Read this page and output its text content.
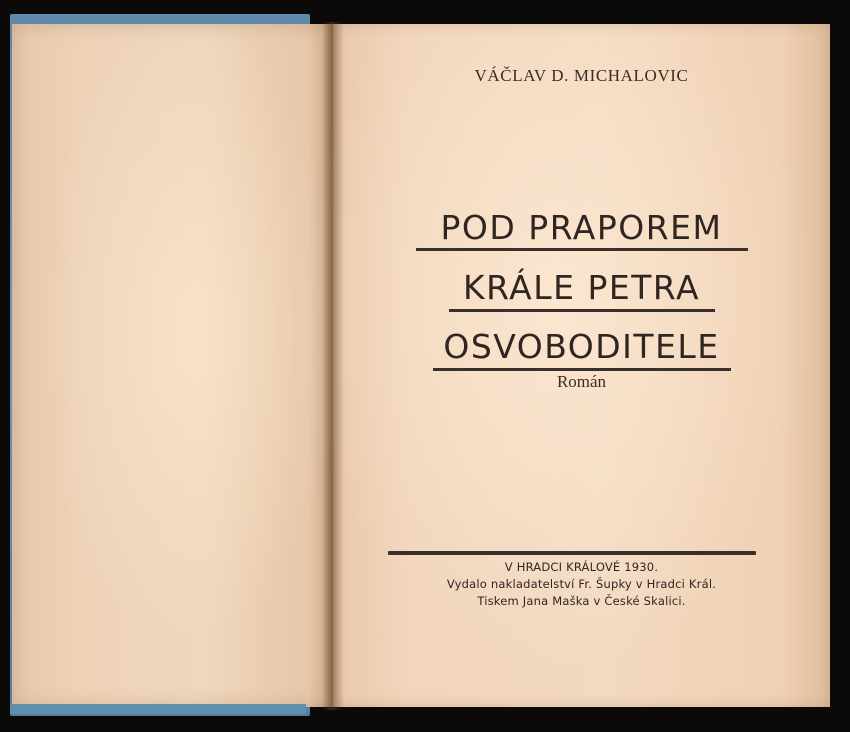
VÁČLAV D. MICHALOVIC
POD PRAPOREM
KRÁLE PETRA
OSVOBODITELE
Román
V HRADCI KRÁLOVÉ 1930.
Vydalo nakladatelství Fr. Šupky v Hradci Král.
Tiskem Jana Maška v České Skalici.
